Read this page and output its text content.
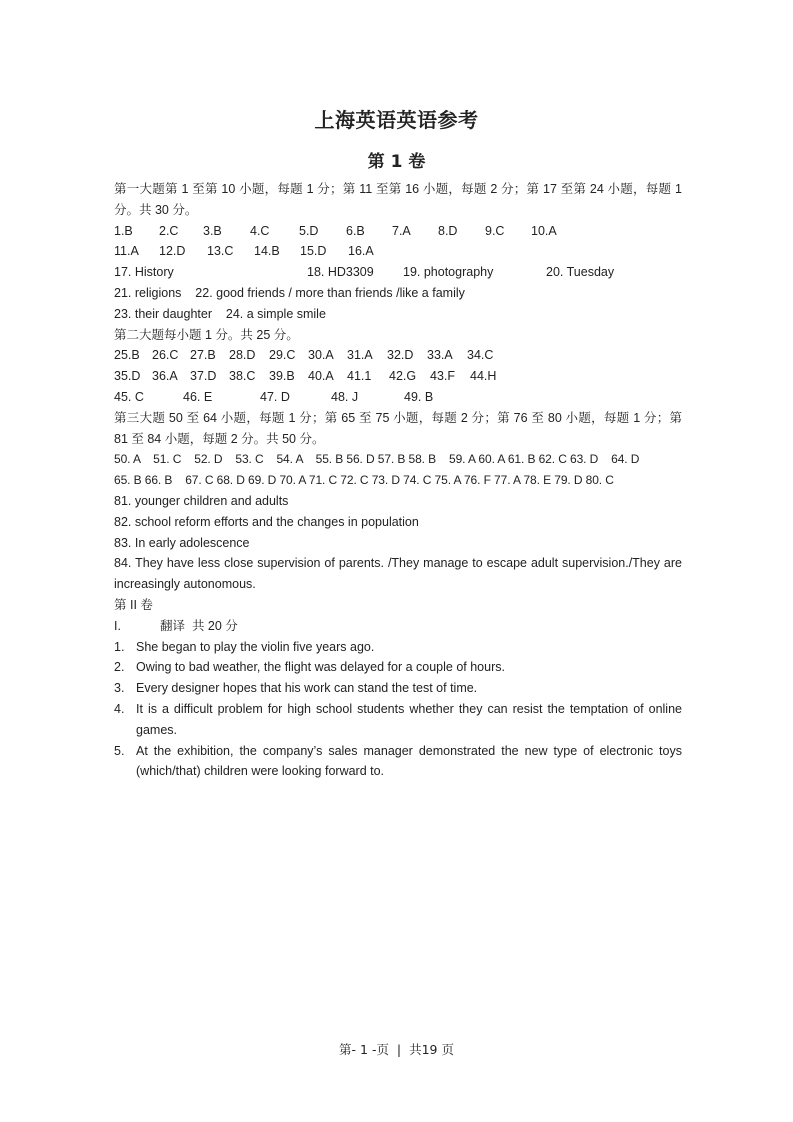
上海英语英语参考
第 1 卷
第一大题第 1 至第 10 小题，每题 1 分；第 11 至第 16 小题，每题 2 分；第 17 至第 24 小题，每题 1 分。共 30 分。
1.B	2.C	3.B	4.C	5.D	6.B	7.A	8.D	9.C	10.A
11.A	12.D	13.C	14.B	15.D	16.A
17. History	18. HD3309	19. photography	20. Tuesday
21. religions    22. good friends / more than friends /like a family
23. their daughter    24. a simple smile
第二大题每小题 1 分。共 25 分。
25.B 26.C 27.B	28.D	29.C	30.A	31.A	32.D	33.A	34.C
35.D 36.A 37.D	38.C	39.B	40.A	41.1	42.G	43.F	44.H
45. C	46. E	47. D	48. J	49. B
第三大题 50 至 64 小题，每题 1 分；第 65 至 75 小题，每题 2 分；第 76 至 80 小题，每题 1 分；第 81 至 84 小题，每题 2 分。共 50 分。
50. A    51. C    52. D    53. C    54. A    55. B 56. D 57. B 58. B    59. A 60. A 61. B 62. C 63. D    64. D
65. B 66. B    67. C 68. D 69. D 70. A 71. C 72. C 73. D 74. C 75. A 76. F 77. A 78. E 79. D 80. C
81. younger children and adults
82. school reform efforts and the changes in population
83. In early adolescence
84. They have less close supervision of parents. /They manage to escape adult supervision./They are increasingly autonomous.
第 II 卷
I.	翻译  共 20 分
1. She began to play the violin five years ago.
2. Owing to bad weather, the flight was delayed for a couple of hours.
3. Every designer hopes that his work can stand the test of time.
4. It is a difficult problem for high school students whether they can resist the temptation of online games.
5. At the exhibition, the company’s sales manager demonstrated the new type of electronic toys (which/that) children were looking forward to.
第- 1 -页  |  共19 页
